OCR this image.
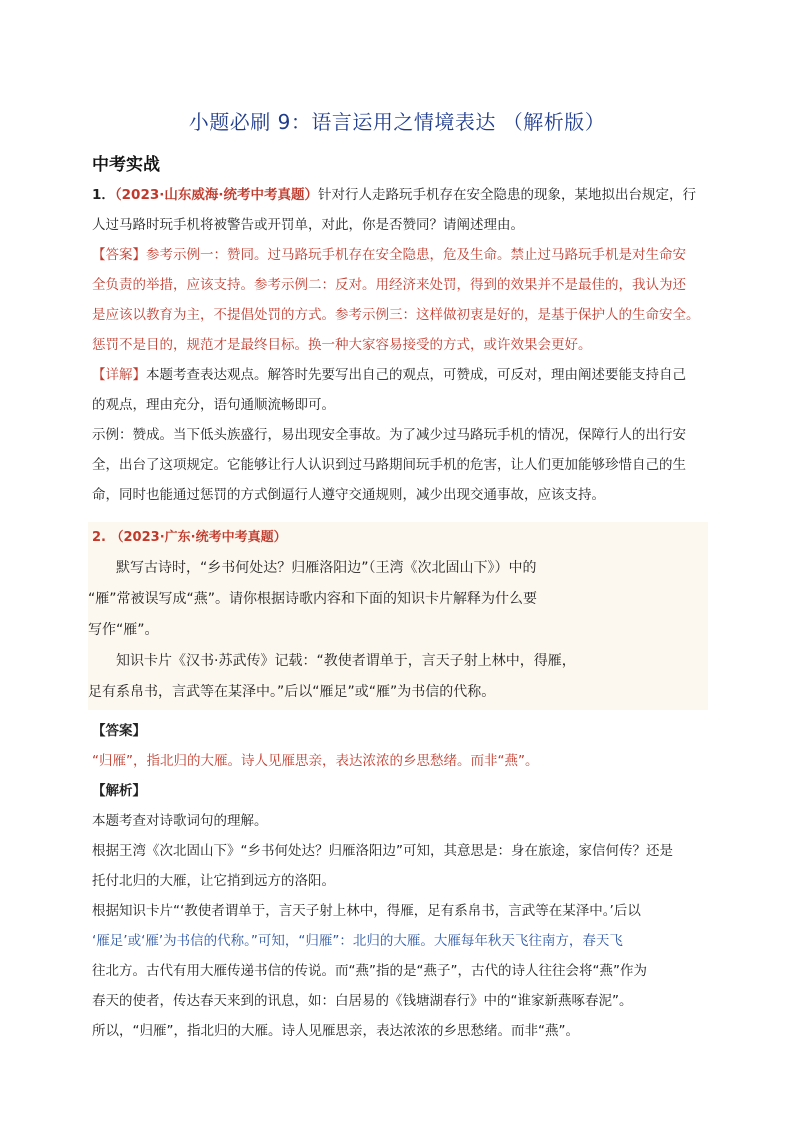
小题必刷 9：语言运用之情境表达 （解析版）
中考实战
1．（2023·山东威海·统考中考真题）针对行人走路玩手机存在安全隐患的现象，某地拟出台规定，行
人过马路时玩手机将被警告或开罚单，对此，你是否赞同？请阐述理由。
【答案】参考示例一：赞同。过马路玩手机存在安全隐患，危及生命。禁止过马路玩手机是对生命安
全负责的举措，应该支持。参考示例二：反对。用经济来处罚，得到的效果并不是最佳的，我认为还
是应该以教育为主，不提倡处罚的方式。参考示例三：这样做初衷是好的，是基于保护人的生命安全。
惩罚不是目的，规范才是最终目标。换一种大家容易接受的方式，或许效果会更好。
【详解】本题考查表达观点。解答时先要写出自己的观点，可赞成，可反对，理由阐述要能支持自己
的观点，理由充分，语句通顺流畅即可。
示例：赞成。当下低头族盛行，易出现安全事故。为了减少过马路玩手机的情况，保障行人的出行安
全，出台了这项规定。它能够让行人认识到过马路期间玩手机的危害，让人们更加能够珍惜自己的生
命，同时也能通过惩罚的方式倒逼行人遵守交通规则，减少出现交通事故，应该支持。
2. （2023·广东·统考中考真题）
默写古诗时，“乡书何处达？归雁洛阳边”（王湾《次北固山下》）中的
“雁”常被误写成“燕”。请你根据诗歌内容和下面的知识卡片解释为什么要
写作“雁”。
知识卡片《汉书·苏武传》记载：“教使者谓单于，言天子射上林中，得雁，
足有系帛书，言武等在某泽中。”后以“雁足”或“雁”为书信的代称。
【答案】
“归雁”，指北归的大雁。诗人见雁思亲，表达浓浓的乡思愁绪。而非“燕”。
【解析】
本题考查对诗歌词句的理解。
根据王湾《次北固山下》“乡书何处达？归雁洛阳边”可知，其意思是：身在旅途，家信何传？还是
托付北归的大雁，让它捎到远方的洛阳。
根据知识卡片“‘教使者谓单于，言天子射上林中，得雁，足有系帛书，言武等在某泽中。’后以
‘雁足’或‘雁’为书信的代称。”可知，“归雁”：北归的大雁。大雁每年秋天飞往南方，春天飞
往北方。古代有用大雁传递书信的传说。而“燕”指的是“燕子”，古代的诗人往往会将“燕”作为
春天的使者，传达春天来到的讯息，如：白居易的《钱塘湖春行》中的“谁家新燕啄春泥”。
所以，“归雁”，指北归的大雁。诗人见雁思亲，表达浓浓的乡思愁绪。而非“燕”。
